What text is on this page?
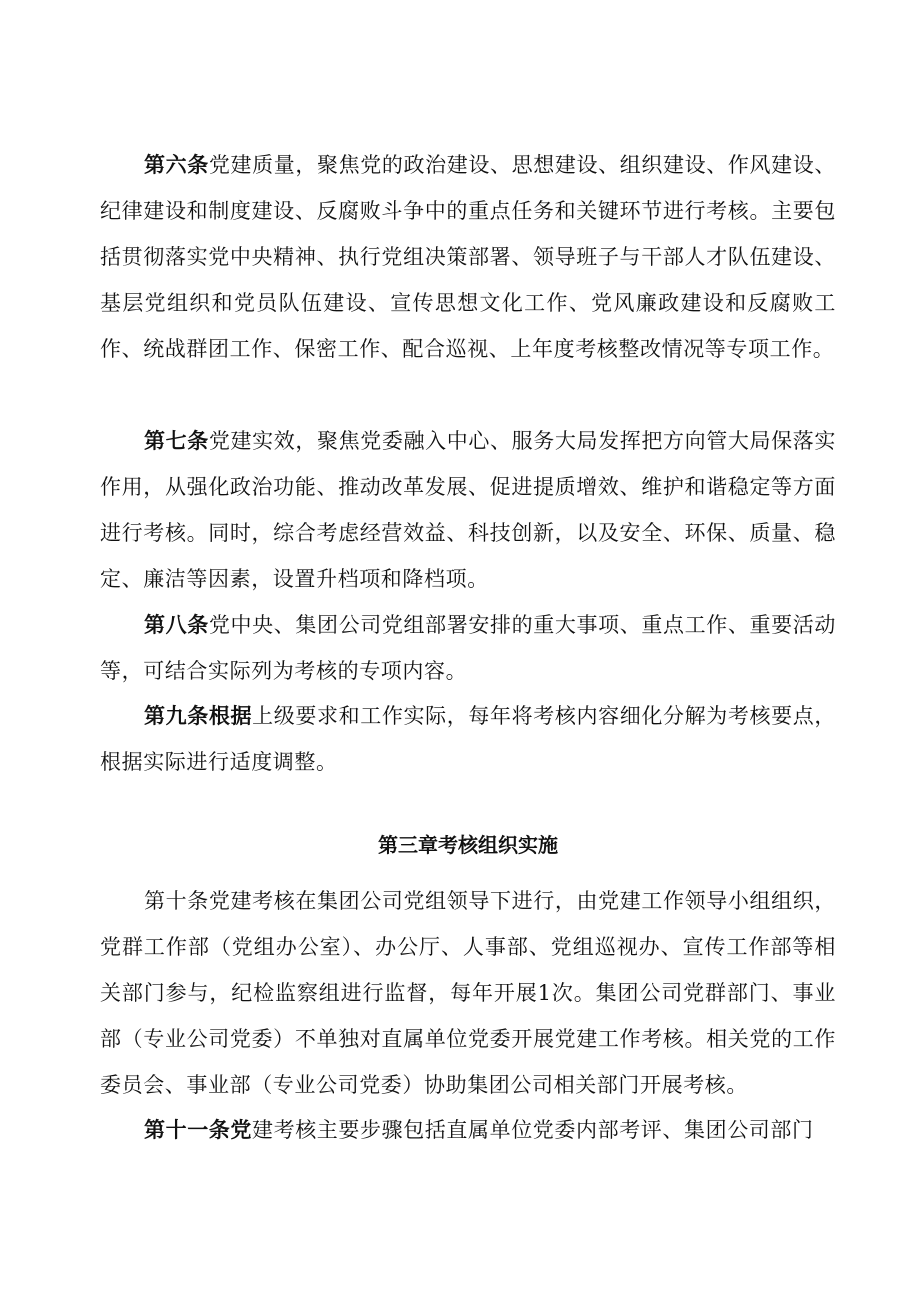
第六条党建质量，聚焦党的政治建设、思想建设、组织建设、作风建设、纪律建设和制度建设、反腐败斗争中的重点任务和关键环节进行考核。主要包括贯彻落实党中央精神、执行党组决策部署、领导班子与干部人才队伍建设、基层党组织和党员队伍建设、宣传思想文化工作、党风廉政建设和反腐败工作、统战群团工作、保密工作、配合巡视、上年度考核整改情况等专项工作。

第七条党建实效，聚焦党委融入中心、服务大局发挥把方向管大局保落实作用，从强化政治功能、推动改革发展、促进提质增效、维护和谐稳定等方面进行考核。同时，综合考虑经营效益、科技创新，以及安全、环保、质量、稳定、廉洁等因素，设置升档项和降档项。

第八条党中央、集团公司党组部署安排的重大事项、重点工作、重要活动等，可结合实际列为考核的专项内容。

第九条根据上级要求和工作实际，每年将考核内容细化分解为考核要点，根据实际进行适度调整。

第三章考核组织实施

第十条党建考核在集团公司党组领导下进行，由党建工作领导小组组织，党群工作部（党组办公室）、办公厅、人事部、党组巡视办、宣传工作部等相关部门参与，纪检监察组进行监督，每年开展1次。集团公司党群部门、事业部（专业公司党委）不单独对直属单位党委开展党建工作考核。相关党的工作委员会、事业部（专业公司党委）协助集团公司相关部门开展考核。

第十一条党建考核主要步骤包括直属单位党委内部考评、集团公司部门
